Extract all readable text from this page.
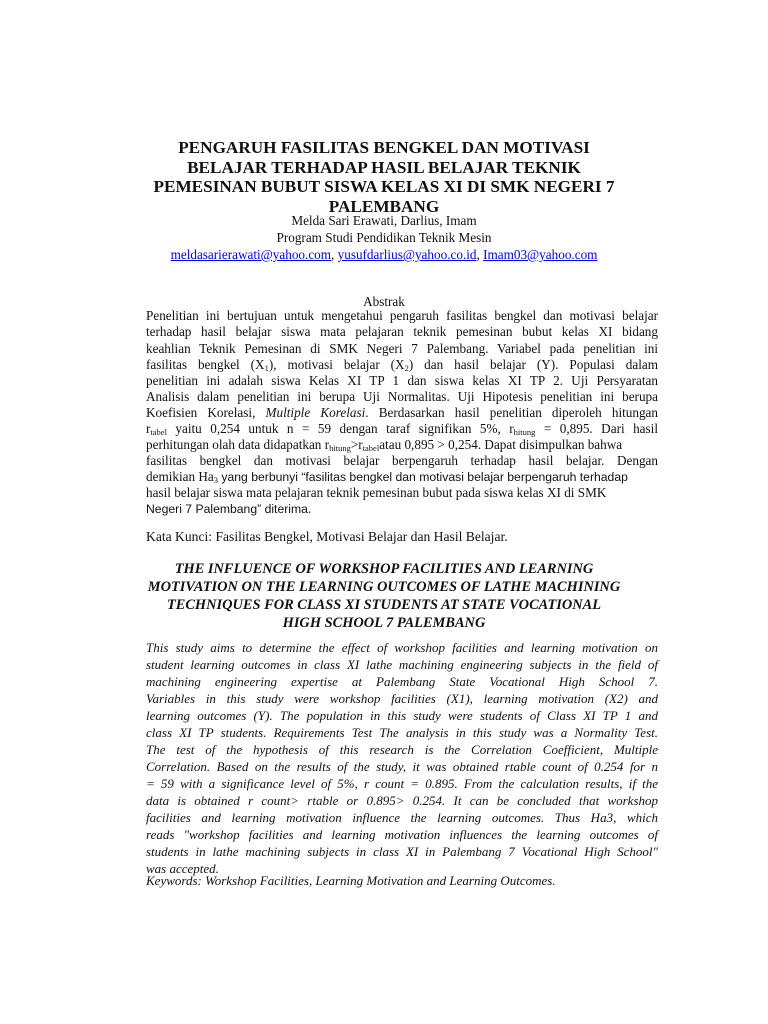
PENGARUH FASILITAS BENGKEL DAN MOTIVASI
BELAJAR TERHADAP HASIL BELAJAR TEKNIK
PEMESINAN BUBUT SISWA KELAS XI DI SMK NEGERI 7
PALEMBANG
Melda Sari Erawati, Darlius, Imam
Program Studi Pendidikan Teknik Mesin
meldasarierawati@yahoo.com, yusufdarlius@yahoo.co.id, Imam03@yahoo.com
Abstrak
Penelitian ini bertujuan untuk mengetahui pengaruh fasilitas bengkel dan motivasi belajar
terhadap hasil belajar siswa mata pelajaran teknik pemesinan bubut kelas XI bidang
keahlian Teknik Pemesinan di SMK Negeri 7 Palembang. Variabel pada penelitian ini
fasilitas bengkel $(X_1)$, motivasi belajar $(X_2)$ dan hasil belajar (Y). Populasi dalam
penelitian ini adalah siswa Kelas XI TP 1 dan siswa kelas XI TP 2. Uji Persyaratan
Analisis dalam penelitian ini berupa Uji Normalitas. Uji Hipotesis penelitian ini berupa
Koefisien Korelasi, Multiple Korelasi. Berdasarkan hasil penelitian diperoleh hitungan
$r_{tabel}$ yaitu 0,254 untuk n = 59 dengan taraf signifikan 5%, $r_{hitung} = 0,895$. Dari hasil
perhitungan olah data didapatkan $r_{hitung}>r_{tabel}atau$ 0,895 > 0,254. Dapat disimpulkan bahwa
fasilitas bengkel dan motivasi belajar berpengaruh terhadap hasil belajar. Dengan
demikian $Ha_3$ yang berbunyi “fasilitas bengkel dan motivasi belajar berpengaruh terhadap
hasil belajar siswa mata pelajaran teknik pemesinan bubut pada siswa kelas XI di SMK
Negeri 7 Palembang” diterima.
Kata Kunci: Fasilitas Bengkel, Motivasi Belajar dan Hasil Belajar.
THE INFLUENCE OF WORKSHOP FACILITIES AND LEARNING
MOTIVATION ON THE LEARNING OUTCOMES OF LATHE MACHINING
TECHNIQUES FOR CLASS XI STUDENTS AT STATE VOCATIONAL
HIGH SCHOOL 7 PALEMBANG
This study aims to determine the effect of workshop facilities and learning motivation on
student learning outcomes in class XI lathe machining engineering subjects in the field of
machining engineering expertise at Palembang State Vocational High School 7.
Variables in this study were workshop facilities (X1), learning motivation (X2) and
learning outcomes (Y). The population in this study were students of Class XI TP 1 and
class XI TP students. Requirements Test The analysis in this study was a Normality Test.
The test of the hypothesis of this research is the Correlation Coefficient, Multiple
Correlation. Based on the results of the study, it was obtained rtable count of 0.254 for n
= 59 with a significance level of 5%, r count = 0.895. From the calculation results, if the
data is obtained r count> rtable or 0.895> 0.254. It can be concluded that workshop
facilities and learning motivation influence the learning outcomes. Thus Ha3, which
reads "workshop facilities and learning motivation influences the learning outcomes of
students in lathe machining subjects in class XI in Palembang 7 Vocational High School"
was accepted.
Keywords: Workshop Facilities, Learning Motivation and Learning Outcomes.
